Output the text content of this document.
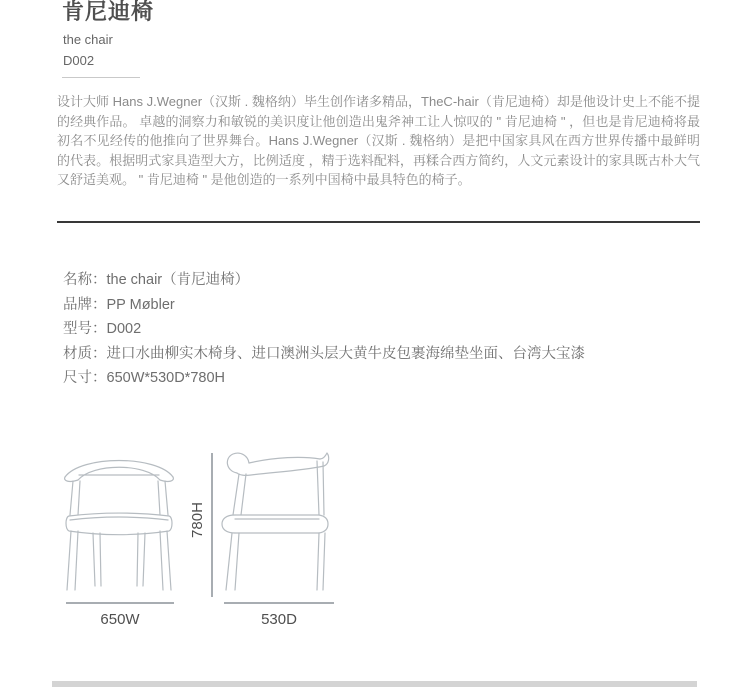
肯尼迪椅
the chair
D002

设计大师 Hans J.Wegner（汉斯 . 魏格纳）毕生创作诸多精品，TheC-hair（肯尼迪椅）却是他设计史上不能不提的经典作品。 卓越的洞察力和敏锐的美识度让他创造出鬼斧神工让人惊叹的 " 肯尼迪椅 " ，但也是肯尼迪椅将最初名不见经传的他推向了世界舞台。Hans J.Wegner（汉斯 . 魏格纳）是把中国家具风在西方世界传播中最鲜明的代表。根据明式家具造型大方，比例适度 ，精于选料配料，再糅合西方简约，人文元素设计的家具既古朴大气又舒适美观。 " 肯尼迪椅 " 是他创造的一系列中国椅中最具特色的椅子。

名称：the chair（肯尼迪椅）
品牌：PP Møbler
型号：D002
材质：进口水曲柳实木椅身、进口澳洲头层大黄牛皮包裹海绵垫坐面、台湾大宝漆
尺寸：650W*530D*780H
780H
650W	530D
